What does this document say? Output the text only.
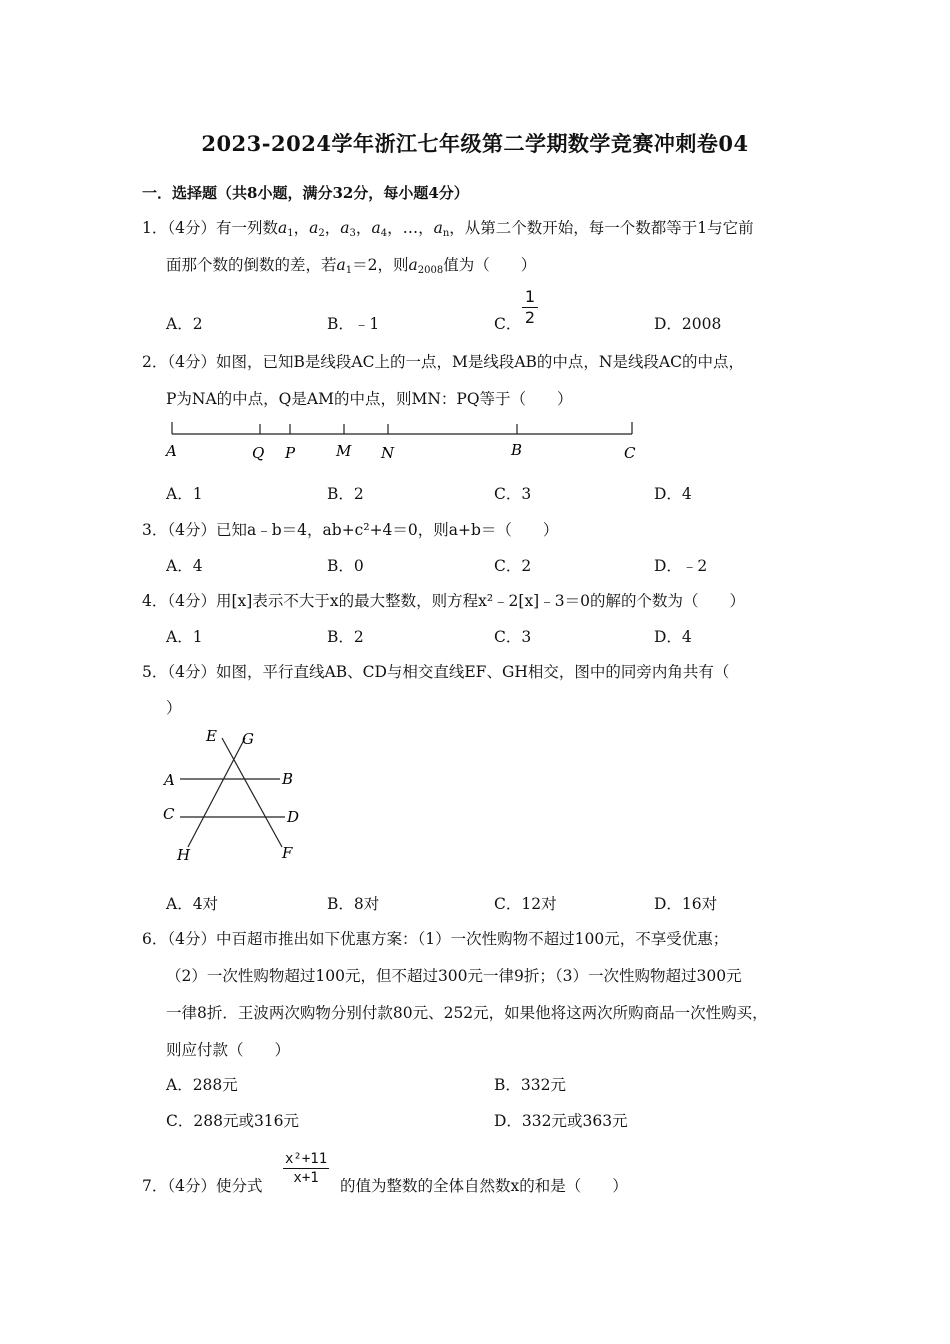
2023-2024学年浙江七年级第二学期数学竞赛冲刺卷04
一．选择题（共8小题，满分32分，每小题4分）
1．（4分）有一列数$a_1$，$a_2$，$a_3$，$a_4$，…，$a_n$，从第二个数开始，每一个数都等于1与它前
面那个数的倒数的差，若$a_1=2$，则$a_{2008}$值为（　　）
A．2	B．﹣1	C．
1
2	D．2008
2．（4分）如图，已知B是线段AC上的一点，M是线段AB的中点，N是线段AC的中点，
P为NA的中点，Q是AM的中点，则MN：PQ等于（　　）
A	Q P	M N	B	C
A．1	B．2	C．3	D．4
3．（4分）已知a﹣b＝4，ab+c²+4＝0，则a+b＝（　　）
A．4	B．0	C．2	D．﹣2
4．（4分）用[x]表示不大于x的最大整数，则方程x²﹣2[x]﹣3＝0的解的个数为（　　）
A．1	B．2	C．3	D．4
5．（4分）如图，平行直线AB、CD与相交直线EF、GH相交，图中的同旁内角共有（
）
E G
A	B
C	D
H	F
A．4对	B．8对	C．12对	D．16对
6．（4分）中百超市推出如下优惠方案：（1）一次性购物不超过100元，不享受优惠；
（2）一次性购物超过100元，但不超过300元一律9折；（3）一次性购物超过300元
一律8折．王波两次购物分别付款80元、252元，如果他将这两次所购商品一次性购买，
则应付款（　　）
A．288元	B．332元
C．288元或316元	D．332元或363元
7．（4分）使分式
x²+11
x+1	的值为整数的全体自然数x的和是（　　）
